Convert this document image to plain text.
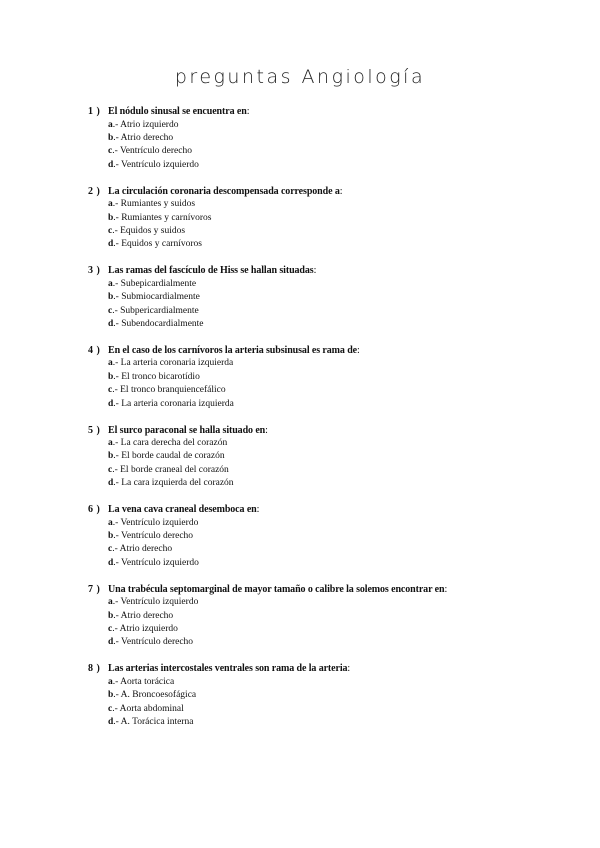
preguntas Angiología
1 ) El nódulo sinusal se encuentra en:
a.- Atrio izquierdo
b.- Atrio derecho
c.- Ventrículo derecho
d.- Ventrículo izquierdo
2 ) La circulación coronaria descompensada corresponde a:
a.- Rumiantes y suidos
b.- Rumiantes y carnívoros
c.- Equidos y suidos
d.- Equidos y carnívoros
3 ) Las ramas del fascículo de Hiss se hallan situadas:
a.- Subepicardialmente
b.- Submiocardialmente
c.- Subpericardialmente
d.- Subendocardialmente
4 ) En el caso de los carnívoros la arteria subsinusal es rama de:
a.- La arteria coronaria izquierda
b.- El tronco bicarotídio
c.- El tronco branquiencefálico
d.- La arteria coronaria izquierda
5 ) El surco paraconal se halla situado en:
a.- La cara derecha del corazón
b.- El borde caudal de corazón
c.- El borde craneal del corazón
d.- La cara izquierda del corazón
6 ) La vena cava craneal desemboca en:
a.- Ventrículo izquierdo
b.- Ventrículo derecho
c.- Atrio derecho
d.- Ventrículo izquierdo
7 ) Una trabécula septomarginal de mayor tamaño o calibre la solemos encontrar en:
a.- Ventrículo izquierdo
b.- Atrio derecho
c.- Atrio izquierdo
d.- Ventrículo derecho
8 ) Las arterias intercostales ventrales son rama de la arteria:
a.- Aorta torácica
b.- A. Broncoesofágica
c.- Aorta abdominal
d.- A. Torácica interna
